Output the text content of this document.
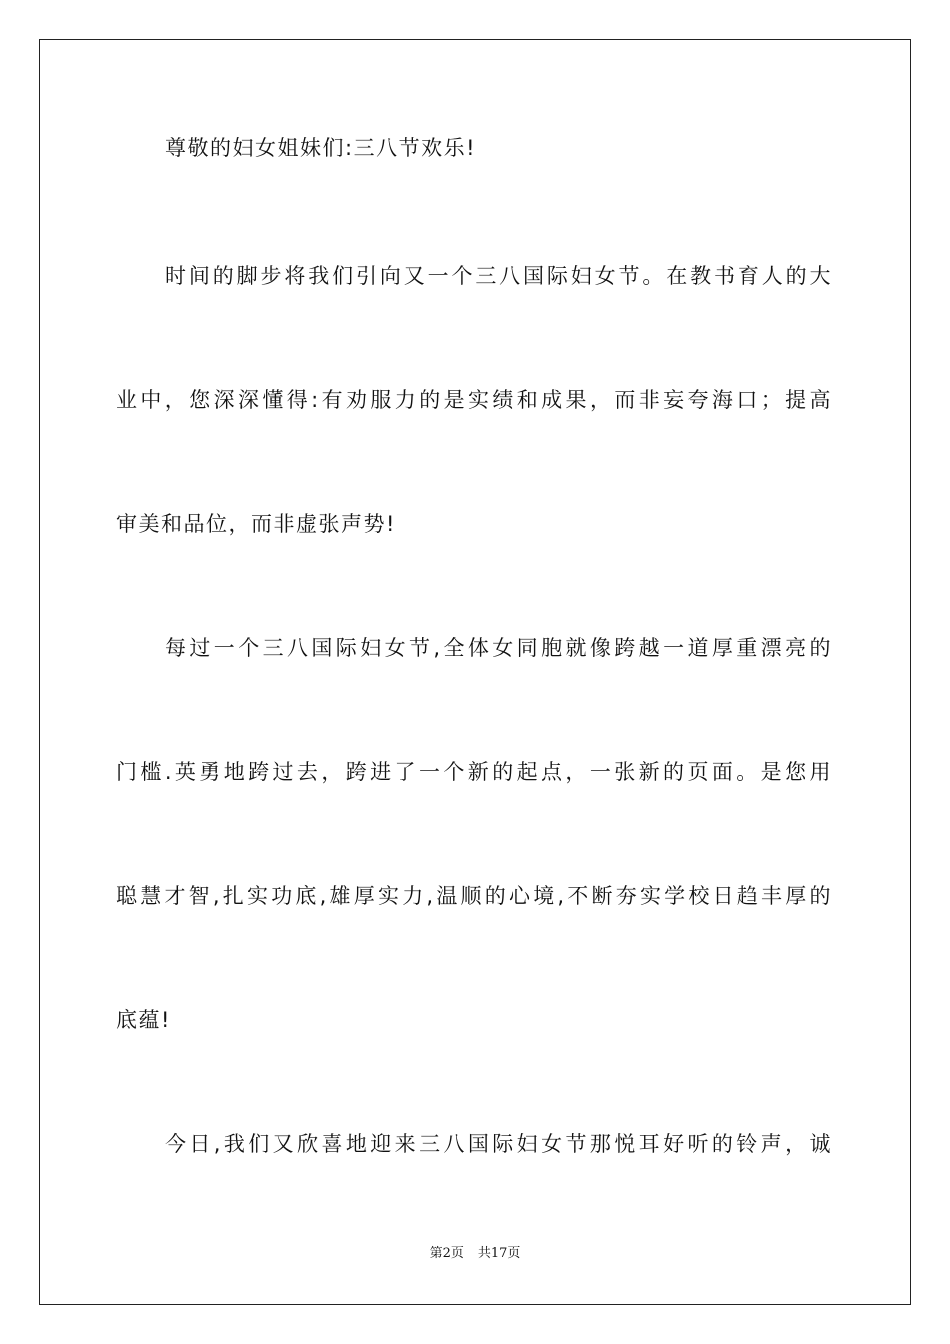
尊敬的妇女姐妹们:三八节欢乐!
时间的脚步将我们引向又一个三八国际妇女节。在教书育人的大
业中，您深深懂得:有劝服力的是实绩和成果，而非妄夸海口；提高
审美和品位，而非虚张声势!
每过一个三八国际妇女节,全体女同胞就像跨越一道厚重漂亮的
门槛.英勇地跨过去，跨进了一个新的起点，一张新的页面。是您用
聪慧才智,扎实功底,雄厚实力,温顺的心境,不断夯实学校日趋丰厚的
底蕴!
今日,我们又欣喜地迎来三八国际妇女节那悦耳好听的铃声，诚
第2页 共17页
